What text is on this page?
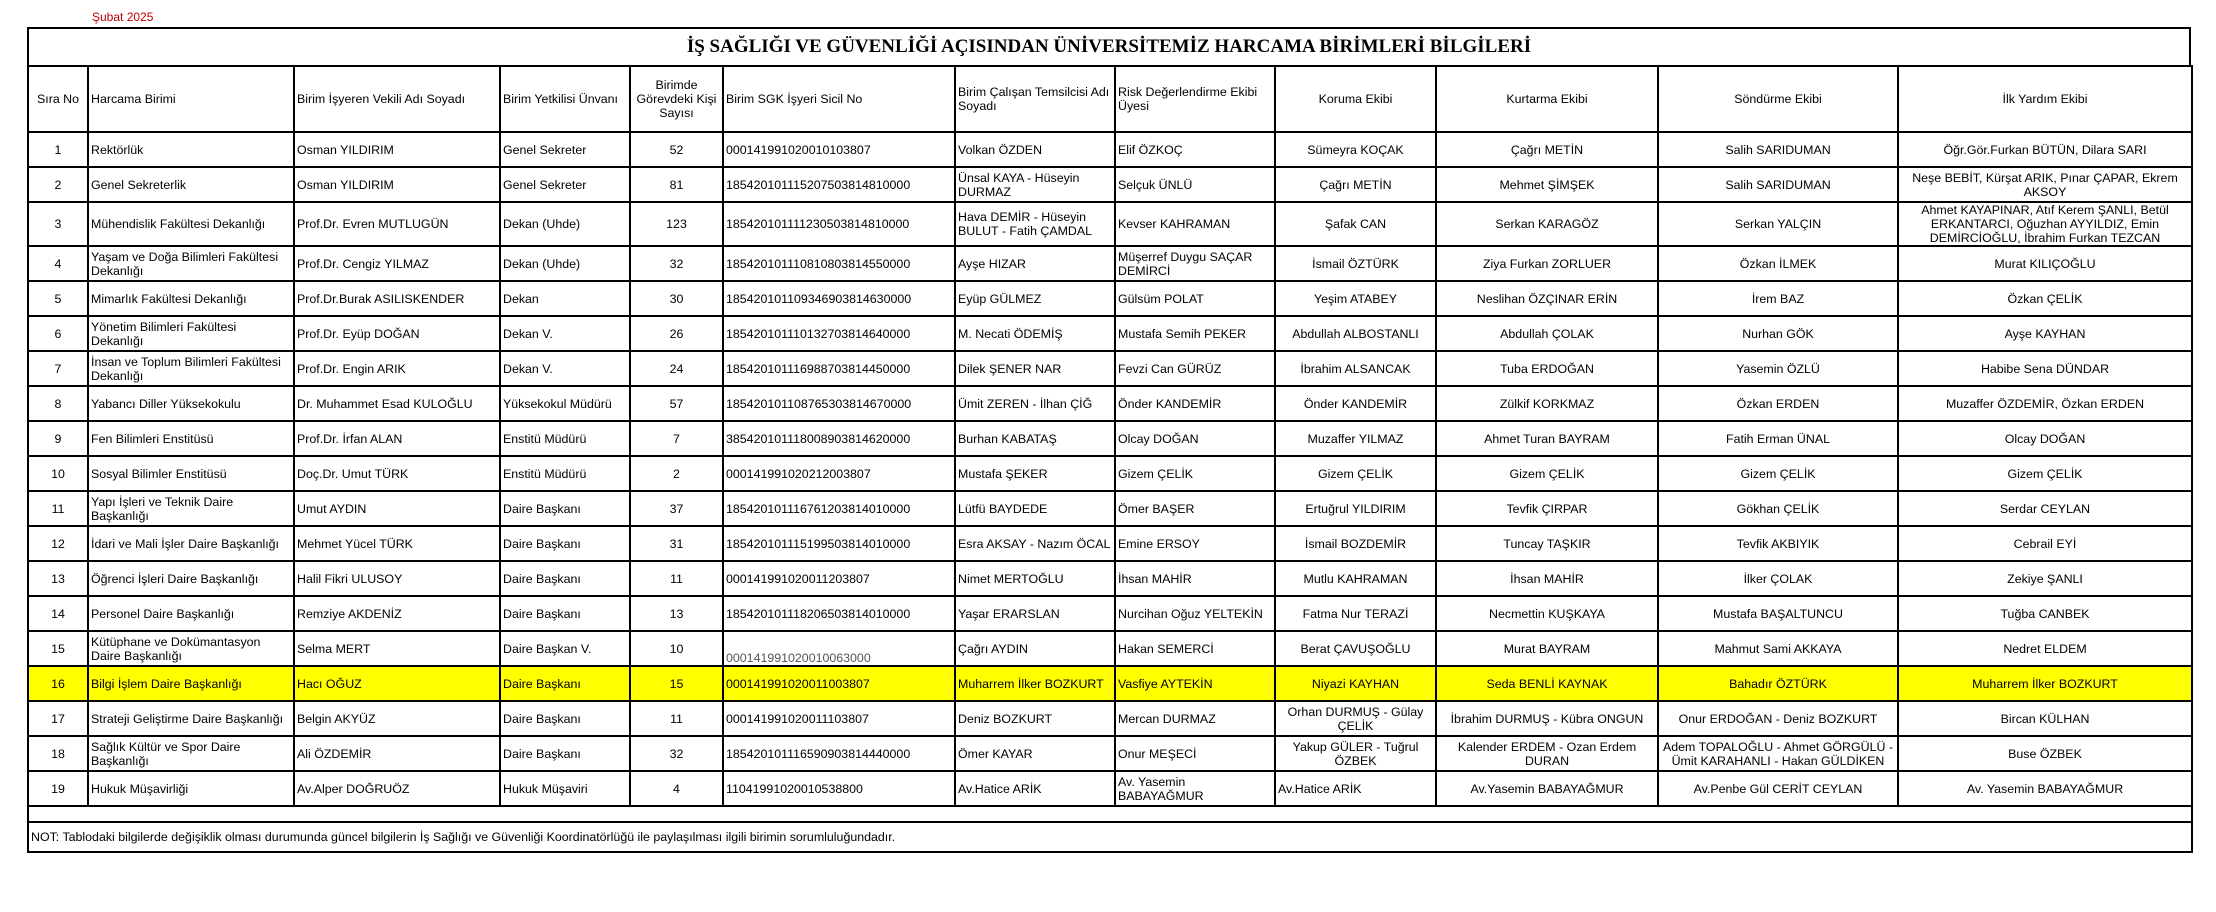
Şubat 2025
İŞ SAĞLIĞI VE GÜVENLİĞİ AÇISINDAN ÜNİVERSİTEMİZ HARCAMA BİRİMLERİ BİLGİLERİ
Sıra No	Harcama Birimi	Birim İşyeren Vekili Adı Soyadı	Birim Yetkilisi Ünvanı	Birimde Görevdeki Kişi Sayısı	Birim SGK İşyeri Sicil No	Birim Çalışan Temsilcisi Adı Soyadı	Risk Değerlendirme Ekibi Üyesi	Koruma Ekibi	Kurtarma Ekibi	Söndürme Ekibi	İlk Yardım Ekibi
1	Rektörlük	Osman YILDIRIM	Genel Sekreter	52	000141991020010103807	Volkan ÖZDEN	Elif ÖZKOÇ	Sümeyra KOÇAK	Çağrı METİN	Salih SARIDUMAN	Öğr.Gör.Furkan BÜTÜN, Dilara SARI
2	Genel Sekreterlik	Osman YILDIRIM	Genel Sekreter	81	185420101115207503814810000	Ünsal KAYA - Hüseyin DURMAZ	Selçuk ÜNLÜ	Çağrı METİN	Mehmet ŞİMŞEK	Salih SARIDUMAN	Neşe BEBİT, Kürşat ARIK, Pınar ÇAPAR, Ekrem AKSOY
3	Mühendislik Fakültesi Dekanlığı	Prof.Dr. Evren MUTLUGÜN	Dekan (Uhde)	123	185420101111230503814810000	Hava DEMİR - Hüseyin BULUT - Fatih ÇAMDAL	Kevser KAHRAMAN	Şafak CAN	Serkan KARAGÖZ	Serkan YALÇIN	Ahmet KAYAPINAR, Atıf Kerem ŞANLI, Betül ERKANTARCI, Oğuzhan AYYILDIZ, Emin DEMİRCİOĞLU, İbrahim Furkan TEZCAN
4	Yaşam ve Doğa Bilimleri Fakültesi Dekanlığı	Prof.Dr. Cengiz YILMAZ	Dekan (Uhde)	32	185420101110810803814550000	Ayşe HIZAR	Müşerref Duygu SAÇAR DEMİRCİ	İsmail ÖZTÜRK	Ziya Furkan ZORLUER	Özkan İLMEK	Murat KILIÇOĞLU
5	Mimarlık Fakültesi Dekanlığı	Prof.Dr.Burak ASILISKENDER	Dekan	30	185420101109346903814630000	Eyüp GÜLMEZ	Gülsüm POLAT	Yeşim ATABEY	Neslihan ÖZÇINAR ERİN	İrem BAZ	Özkan ÇELİK
6	Yönetim Bilimleri Fakültesi Dekanlığı	Prof.Dr. Eyüp DOĞAN	Dekan V.	26	185420101110132703814640000	M. Necati ÖDEMİŞ	Mustafa Semih PEKER	Abdullah ALBOSTANLI	Abdullah ÇOLAK	Nurhan GÖK	Ayşe KAYHAN
7	İnsan ve Toplum Bilimleri Fakültesi Dekanlığı	Prof.Dr. Engin ARIK	Dekan V.	24	185420101116988703814450000	Dilek ŞENER NAR	Fevzi Can GÜRÜZ	İbrahim ALSANCAK	Tuba ERDOĞAN	Yasemin ÖZLÜ	Habibe Sena DÜNDAR
8	Yabancı Diller Yüksekokulu	Dr. Muhammet Esad KULOĞLU	Yüksekokul Müdürü	57	185420101108765303814670000	Ümit ZEREN - İlhan ÇİĞ	Önder KANDEMİR	Önder KANDEMİR	Zülkif KORKMAZ	Özkan ERDEN	Muzaffer ÖZDEMİR, Özkan ERDEN
9	Fen Bilimleri Enstitüsü	Prof.Dr. İrfan ALAN	Enstitü Müdürü	7	385420101118008903814620000	Burhan KABATAŞ	Olcay DOĞAN	Muzaffer YILMAZ	Ahmet Turan BAYRAM	Fatih Erman ÜNAL	Olcay DOĞAN
10	Sosyal Bilimler Enstitüsü	Doç.Dr. Umut TÜRK	Enstitü Müdürü	2	000141991020212003807	Mustafa ŞEKER	Gizem ÇELİK	Gizem ÇELİK	Gizem ÇELİK	Gizem ÇELİK	Gizem ÇELİK
11	Yapı İşleri ve Teknik Daire Başkanlığı	Umut AYDIN	Daire Başkanı	37	185420101116761203814010000	Lütfü BAYDEDE	Ömer BAŞER	Ertuğrul YILDIRIM	Tevfik ÇIRPAR	Gökhan ÇELİK	Serdar CEYLAN
12	İdari ve Mali İşler Daire Başkanlığı	Mehmet Yücel TÜRK	Daire Başkanı	31	185420101115199503814010000	Esra AKSAY - Nazım ÖCAL	Emine ERSOY	İsmail BOZDEMİR	Tuncay TAŞKIR	Tevfik AKBIYIK	Cebrail EYİ
13	Öğrenci İşleri Daire Başkanlığı	Halil Fikri ULUSOY	Daire Başkanı	11	000141991020011203807	Nimet MERTOĞLU	İhsan MAHİR	Mutlu KAHRAMAN	İhsan MAHİR	İlker ÇOLAK	Zekiye ŞANLI
14	Personel Daire Başkanlığı	Remziye AKDENİZ	Daire Başkanı	13	185420101118206503814010000	Yaşar ERARSLAN	Nurcihan Oğuz YELTEKİN	Fatma Nur TERAZİ	Necmettin KUŞKAYA	Mustafa BAŞALTUNCU	Tuğba CANBEK
15	Kütüphane ve Dokümantasyon Daire Başkanlığı	Selma MERT	Daire Başkan V.	10	000141991020010063000	Çağrı AYDIN	Hakan SEMERCİ	Berat ÇAVUŞOĞLU	Murat BAYRAM	Mahmut Sami AKKAYA	Nedret ELDEM
16	Bilgi İşlem Daire Başkanlığı	Hacı OĞUZ	Daire Başkanı	15	000141991020011003807	Muharrem İlker BOZKURT	Vasfiye AYTEKİN	Niyazi KAYHAN	Seda BENLİ KAYNAK	Bahadır ÖZTÜRK	Muharrem İlker BOZKURT
17	Strateji Geliştirme Daire Başkanlığı	Belgin AKYÜZ	Daire Başkanı	11	000141991020011103807	Deniz BOZKURT	Mercan DURMAZ	Orhan DURMUŞ - Gülay ÇELİK	İbrahim DURMUŞ - Kübra ONGUN	Onur ERDOĞAN - Deniz BOZKURT	Bircan KÜLHAN
18	Sağlık Kültür ve Spor Daire Başkanlığı	Ali ÖZDEMİR	Daire Başkanı	32	185420101116590903814440000	Ömer KAYAR	Onur MEŞECİ	Yakup GÜLER - Tuğrul ÖZBEK	Kalender ERDEM - Ozan Erdem DURAN	Adem TOPALOĞLU - Ahmet GÖRGÜLÜ - Ümit KARAHANLI - Hakan GÜLDİKEN	Buse ÖZBEK
19	Hukuk Müşavirliği	Av.Alper DOĞRUÖZ	Hukuk Müşaviri	4	11041991020010538800	Av.Hatice ARİK	Av. Yasemin BABAYAĞMUR	Av.Hatice ARİK	Av.Yasemin BABAYAĞMUR	Av.Penbe Gül CERİT CEYLAN	Av. Yasemin BABAYAĞMUR

NOT: Tablodaki bilgilerde değişiklik olması durumunda güncel bilgilerin İş Sağlığı ve Güvenliği Koordinatörlüğü ile paylaşılması ilgili birimin sorumluluğundadır.											
